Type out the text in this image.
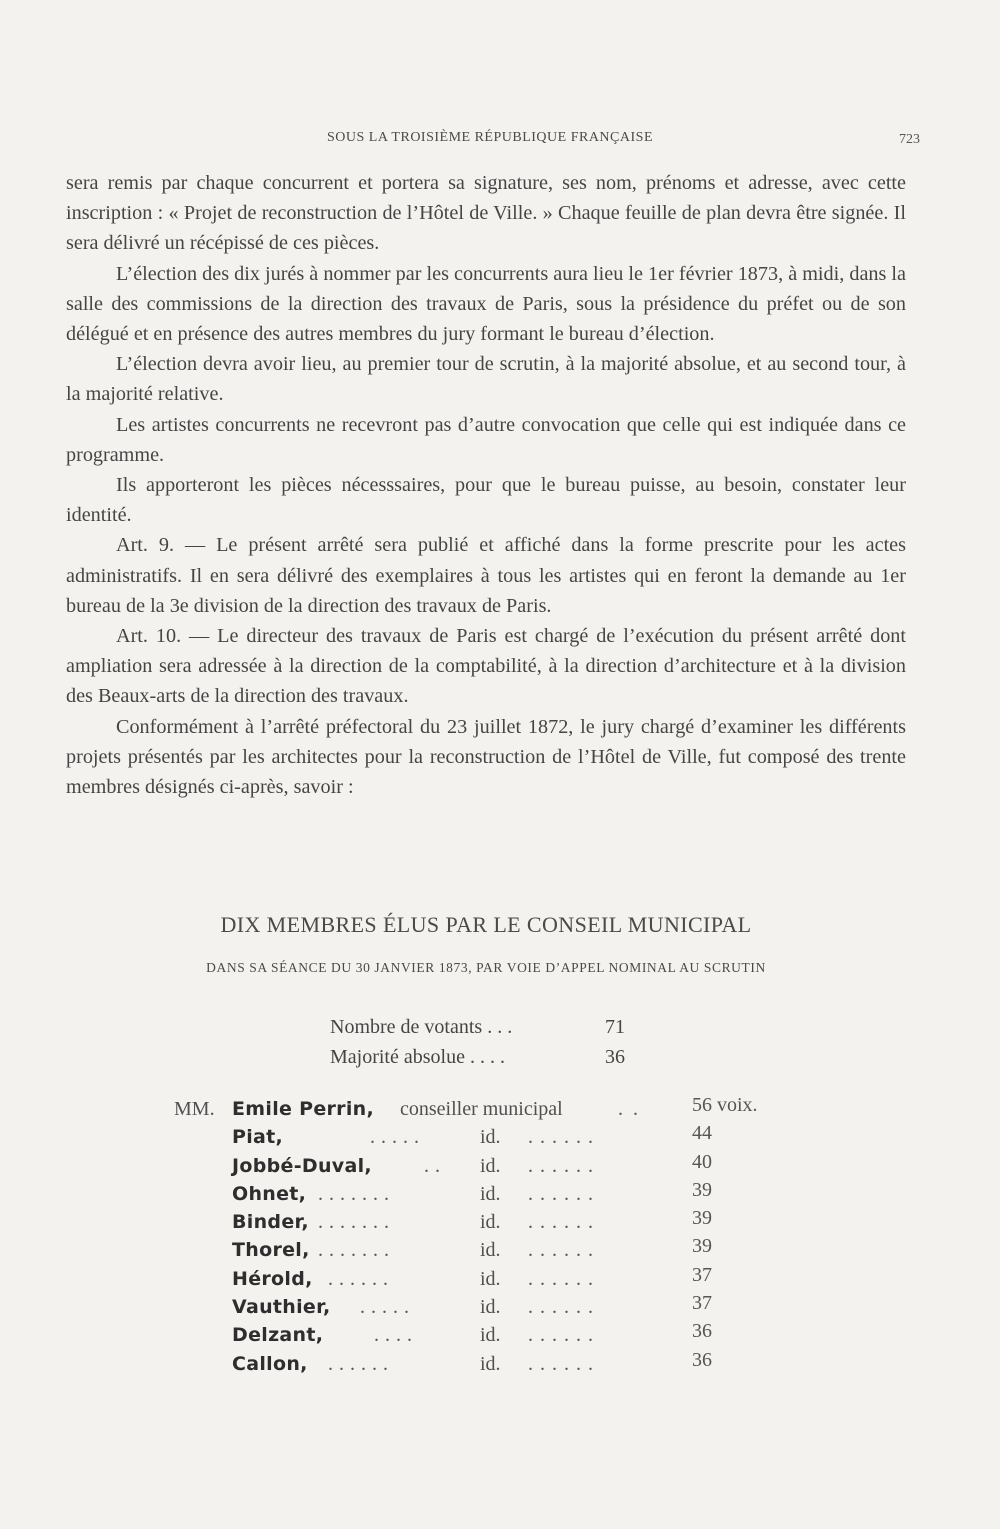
SOUS LA TROISIÈME RÉPUBLIQUE FRANÇAISE	723

sera remis par chaque concurrent et portera sa signature, ses nom, prénoms et adresse, avec cette inscription : « Projet de reconstruction de l’Hôtel de Ville. » Chaque feuille de plan devra être signée. Il sera délivré un récépissé de ces pièces.

L’élection des dix jurés à nommer par les concurrents aura lieu le 1er février 1873, à midi, dans la salle des commissions de la direction des travaux de Paris, sous la présidence du préfet ou de son délégué et en présence des autres membres du jury formant le bureau d’élection.

L’élection devra avoir lieu, au premier tour de scrutin, à la majorité absolue, et au second tour, à la majorité relative.

Les artistes concurrents ne recevront pas d’autre convocation que celle qui est indiquée dans ce programme.

Ils apporteront les pièces nécesssaires, pour que le bureau puisse, au besoin, constater leur identité.

Art. 9. — Le présent arrêté sera publié et affiché dans la forme prescrite pour les actes administratifs. Il en sera délivré des exemplaires à tous les artistes qui en feront la demande au 1er bureau de la 3e division de la direction des travaux de Paris.

Art. 10. — Le directeur des travaux de Paris est chargé de l’exécution du présent arrêté dont ampliation sera adressée à la direction de la comptabilité, à la direction d’architecture et à la division des Beaux-arts de la direction des travaux.

Conformément à l’arrêté préfectoral du 23 juillet 1872, le jury chargé d’examiner les différents projets présentés par les architectes pour la reconstruction de l’Hôtel de Ville, fut composé des trente membres désignés ci-après, savoir :

DIX MEMBRES ÉLUS PAR LE CONSEIL MUNICIPAL
DANS SA SÉANCE DU 30 JANVIER 1873, PAR VOIE D’APPEL NOMINAL AU SCRUTIN
Nombre de votants . . .	71
Majorité absolue . . . .	36
MM. Emile Perrin, conseiller municipal	.. 56 voix.
Piat,	.....	id. ......	44
Jobbé-Duval,	.. id. ......	40
Ohnet, .......	id. ......	39
Binder, .......	id. ......	39
Thorel, .......	id. ......	39
Hérold, ......	id. ......	37
Vauthier, .....	id. ......	37
Delzant,	....	id. ......	36
Callon, ......	id. ......	36
